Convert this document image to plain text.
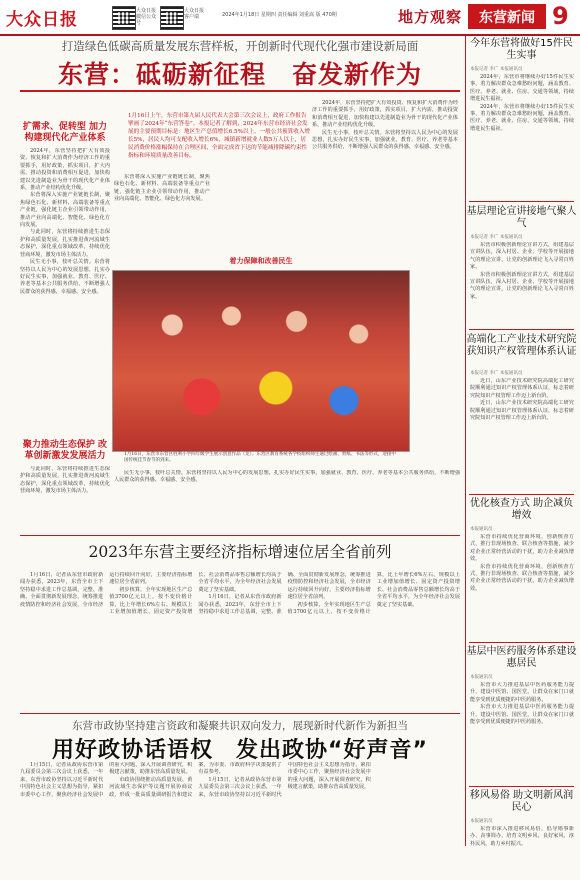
大众日报	大众日报 微信公众号
大众日报 客户端	2024年1月18日 星期四 责任编辑 刘重嵩 版 470期	地方观察	东营新闻 9
打造绿色低碳高质量发展东营样板，开创新时代现代化强市建设新局面
东营：砥砺新征程　奋发新作为
扩需求、促转型 加力构建现代化产业体系

2024年，东营坚持把扩大有效投资、恢复和扩大消费作为经济工作的重要抓手，用好政策，抓实项目，扩大内需，推动投资和消费相互促进，加快构建以先进制造业为骨干的现代化产业体系，推动产业结构优化升级。

东营将深入实施产业链链长制，聚焦绿色石化、新材料、高端装备等重点产业链，强化链主企业引领带动作用，推动产业向高端化、智能化、绿色化方向发展。

与此同时，东营将持续推进生态保护和高质量发展，扎实推进黄河流域生态保护，深化重点领域改革，持续优化营商环境，激发市场主体活力。

民生无小事，枝叶总关情。东营将坚持以人民为中心的发展思想，扎实办好民生实事，加强就业、教育、医疗、养老等基本公共服务供给，不断增强人民群众的获得感、幸福感、安全感。

聚力推动生态保护 改革创新激发发展活力

与此同时，东营将持续推进生态保护和高质量发展，扎实推进黄河流域生态保护，深化重点领域改革，持续优化营商环境，激发市场主体活力。

1月16日上午，东营市第九届人民代表大会第三次会议上，政府工作报告擘画了2024年“东营答卷”。本报记者了解到，2024年东营市经济社会发展的主要预期目标是：地区生产总值增长6.5%以上，一般公共预算收入增长5%，居民人均可支配收入增长6%，城镇新增就业人数5万人以上，居民消费价格涨幅保持在合理区间，全面完成省下达的节能减排降碳约束性指标和环境质量改善目标。

东营将深入实施产业链链长制，聚焦绿色石化、新材料、高端装备等重点产业链，强化链主企业引领带动作用，推动产业向高端化、智能化、绿色化方向发展。

着力保障和改善民生

2024年，东营坚持把扩大有效投资、恢复和扩大消费作为经济工作的重要抓手，用好政策，抓实项目，扩大内需，推动投资和消费相互促进，加快构建以先进制造业为骨干的现代化产业体系，推动产业结构优化升级。

民生无小事，枝叶总关情。东营将坚持以人民为中心的发展思想，扎实办好民生实事，加强就业、教育、医疗、养老等基本公共服务供给，不断增强人民群众的获得感、幸福感、安全感。

1月16日，东营市东营区胜利小学四年级学生展示创意作品（龙）。东营区教育系统各学校组织师生通过绘画、剪纸、书法等形式，迎接中国传统佳节春节的到来。

民生无小事，枝叶总关情。东营将坚持以人民为中心的发展思想，扎实办好民生实事，加强就业、教育、医疗、养老等基本公共服务供给，不断增强人民群众的获得感、幸福感、安全感。

2023年东营主要经济指标增速位居全省前列

1月16日，记者从东营市政府新闻办获悉，2023年，东营全市上下坚持稳中求进工作总基调，完整、准确、全面贯彻新发展理念，统筹推进疫情防控和经济社会发展，全市经济运行持续回升向好，主要经济指标增速位居全省前列。

初步核算，全年实现地区生产总值3700亿元以上，按不变价格计算，比上年增长6%左右。规模以上工业增加值增长、固定资产投资增长、社会消费品零售总额增长均高于全省平均水平，为全年经济社会发展奠定了坚实基础。

1月16日，记者从东营市政府新闻办获悉，2023年，东营全市上下坚持稳中求进工作总基调，完整、准确、全面贯彻新发展理念，统筹推进疫情防控和经济社会发展，全市经济运行持续回升向好，主要经济指标增速位居全省前列。

初步核算，全年实现地区生产总值3700亿元以上，按不变价格计算，比上年增长6%左右。规模以上工业增加值增长、固定资产投资增长、社会消费品零售总额增长均高于全省平均水平，为全年经济社会发展奠定了坚实基础。

东营市政协坚持建言资政和凝聚共识双向发力，展现新时代新作为新担当
用好政协话语权　发出政协“好声音”

1月15日，记者从政协东营市第九届委员会第三次会议上获悉，一年来，东营市政协坚持以习近平新时代中国特色社会主义思想为指导，紧扣市委中心工作，聚焦经济社会发展中的重大问题，深入开展调查研究，积极建言献策，助推东营高质量发展。

市政协围绕推动高质量发展、黄河流域生态保护等议题开展协商议政，形成一批高质量调研报告和建议案，为市委、市政府科学决策提供了有益参考。

1月15日，记者从政协东营市第九届委员会第三次会议上获悉，一年来，东营市政协坚持以习近平新时代中国特色社会主义思想为指导，紧扣市委中心工作，聚焦经济社会发展中的重大问题，深入开展调查研究，积极建言献策，助推东营高质量发展。

今年东营将做好15件民生实事
本报记者 李广 本报通讯员

2024年，东营市将继续办好15件民生实事，着力解决群众急难愁盼问题，涵盖教育、医疗、养老、就业、住房、交通等领域，持续增进民生福祉。

2024年，东营市将继续办好15件民生实事，着力解决群众急难愁盼问题，涵盖教育、医疗、养老、就业、住房、交通等领域，持续增进民生福祉。

基层理论宣讲接地气聚人气
本报记者 李广 本报通讯员

东营市积极创新理论宣讲方式，组建基层宣讲队伍，深入村居、企业、学校等开展接地气的理论宣讲，让党的创新理论飞入寻常百姓家。

东营市积极创新理论宣讲方式，组建基层宣讲队伍，深入村居、企业、学校等开展接地气的理论宣讲，让党的创新理论飞入寻常百姓家。

高端化工产业技术研究院获知识产权管理体系认证
本报记者 李广 本报通讯员

近日，山东产业技术研究院高端化工研究院顺利通过知识产权管理体系认证，标志着研究院知识产权管理工作迈上新台阶。

近日，山东产业技术研究院高端化工研究院顺利通过知识产权管理体系认证，标志着研究院知识产权管理工作迈上新台阶。

优化核查方式 助企减负增效
本报通讯员

东营市持续优化营商环境，创新核查方式，推行非现场核查、联合核查等措施，减少对企业正常经营活动的干扰，助力企业减负增效。

东营市持续优化营商环境，创新核查方式，推行非现场核查、联合核查等措施，减少对企业正常经营活动的干扰，助力企业减负增效。

基层中医药服务体系建设惠居民
本报通讯员

东营市大力推进基层中医药服务能力提升，建设中医馆、国医堂，让群众在家门口就能享受到优质便捷的中医药服务。

东营市大力推进基层中医药服务能力提升，建设中医馆、国医堂，让群众在家门口就能享受到优质便捷的中医药服务。

移风易俗 助文明新风润民心
本报通讯员

东营市深入推进移风易俗，倡导婚事新办、丧事简办，培育文明乡风、良好家风、淳朴民风，助力乡村振兴。
